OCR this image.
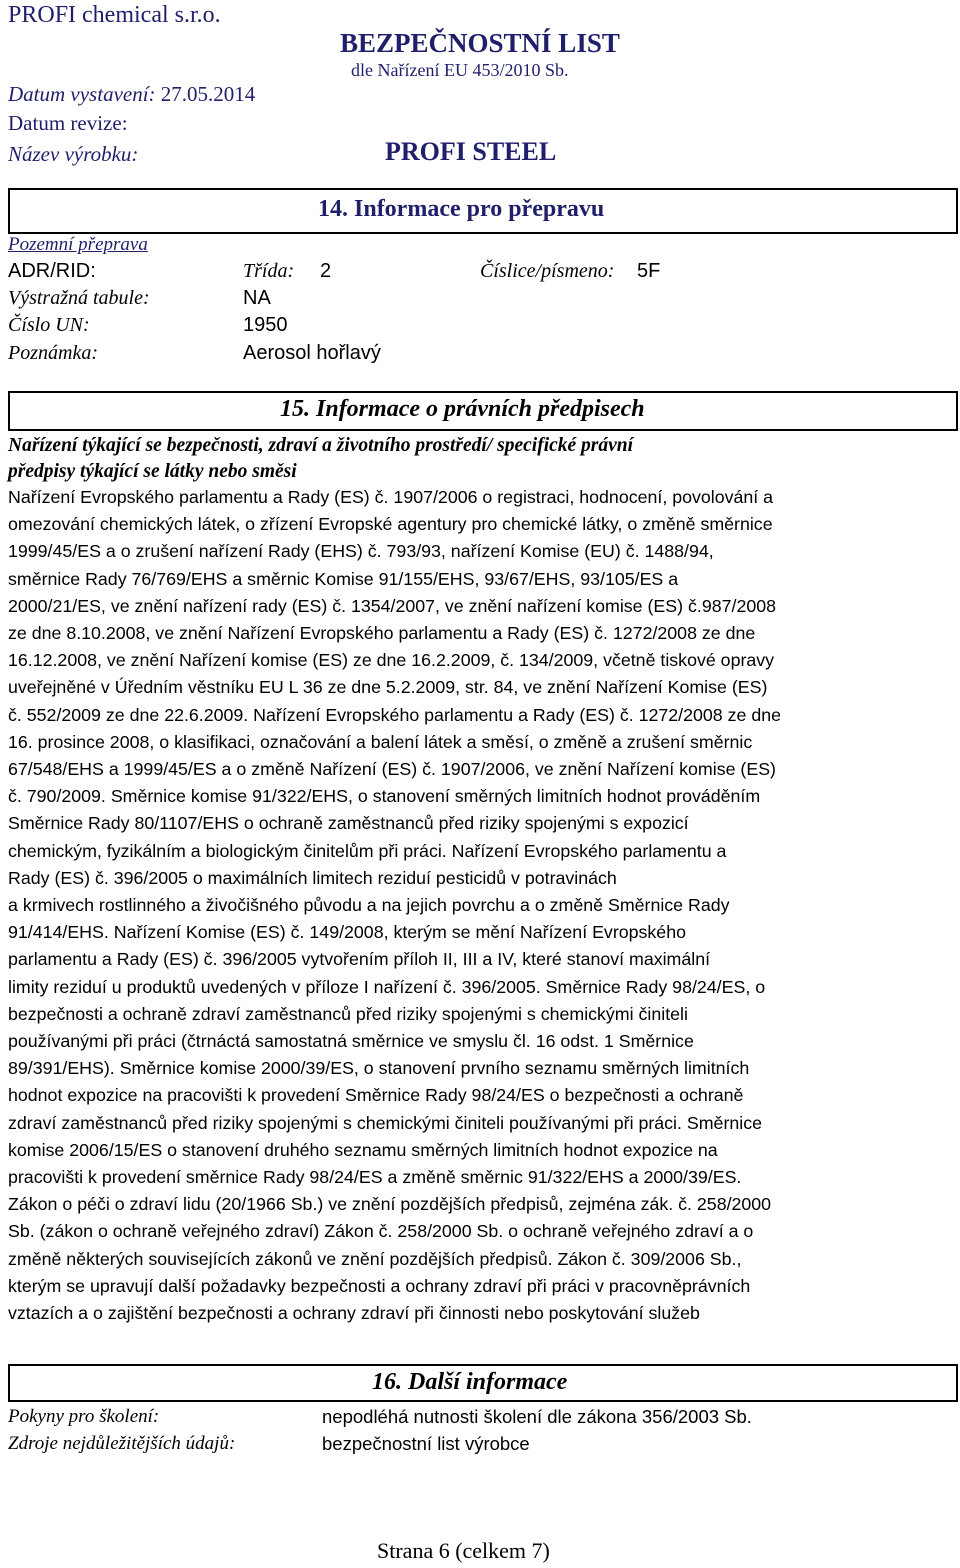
PROFI chemical s.r.o.
BEZPEČNOSTNÍ LIST
dle Nařízení EU 453/2010 Sb.
Datum vystavení: 27.05.2014
Datum revize:
Název výrobku:	PROFI STEEL
14. Informace pro přepravu
Pozemní přeprava
ADR/RID:	Třída: 2	Číslice/písmeno: 5F
Výstražná tabule:	NA
Číslo UN:	1950
Poznámka:	Aerosol hořlavý
15. Informace o právních předpisech
Nařízení týkající se bezpečnosti, zdraví a životního prostředí/ specifické právní
předpisy týkající se látky nebo směsi
Nařízení Evropského parlamentu a Rady (ES) č. 1907/2006 o registraci, hodnocení, povolování a
omezování chemických látek, o zřízení Evropské agentury pro chemické látky, o změně směrnice
1999/45/ES a o zrušení nařízení Rady (EHS) č. 793/93, nařízení Komise (EU) č. 1488/94,
směrnice Rady 76/769/EHS a směrnic Komise 91/155/EHS, 93/67/EHS, 93/105/ES a
2000/21/ES, ve znění nařízení rady (ES) č. 1354/2007, ve znění nařízení komise (ES) č.987/2008
ze dne 8.10.2008, ve znění Nařízení Evropského parlamentu a Rady (ES) č. 1272/2008 ze dne
16.12.2008, ve znění Nařízení komise (ES) ze dne 16.2.2009, č. 134/2009, včetně tiskové opravy
uveřejněné v Úředním věstníku EU L 36 ze dne 5.2.2009, str. 84, ve znění Nařízení Komise (ES)
č. 552/2009 ze dne 22.6.2009. Nařízení Evropského parlamentu a Rady (ES) č. 1272/2008 ze dne
16. prosince 2008, o klasifikaci, označování a balení látek a směsí, o změně a zrušení směrnic
67/548/EHS a 1999/45/ES a o změně Nařízení (ES) č. 1907/2006, ve znění Nařízení komise (ES)
č. 790/2009. Směrnice komise 91/322/EHS, o stanovení směrných limitních hodnot prováděním
Směrnice Rady 80/1107/EHS o ochraně zaměstnanců před riziky spojenými s expozicí
chemickým, fyzikálním a biologickým činitelům při práci. Nařízení Evropského parlamentu a
Rady (ES) č. 396/2005 o maximálních limitech reziduí pesticidů v potravinách
a krmivech rostlinného a živočišného původu a na jejich povrchu a o změně Směrnice Rady
91/414/EHS. Nařízení Komise (ES) č. 149/2008, kterým se mění Nařízení Evropského
parlamentu a Rady (ES) č. 396/2005 vytvořením příloh II, III a IV, které stanoví maximální
limity reziduí u produktů uvedených v příloze I nařízení č. 396/2005. Směrnice Rady 98/24/ES, o
bezpečnosti a ochraně zdraví zaměstnanců před riziky spojenými s chemickými činiteli
používanými při práci (čtrnáctá samostatná směrnice ve smyslu čl. 16 odst. 1 Směrnice
89/391/EHS). Směrnice komise 2000/39/ES, o stanovení prvního seznamu směrných limitních
hodnot expozice na pracovišti k provedení Směrnice Rady 98/24/ES o bezpečnosti a ochraně
zdraví zaměstnanců před riziky spojenými s chemickými činiteli používanými při práci. Směrnice
komise 2006/15/ES o stanovení druhého seznamu směrných limitních hodnot expozice na
pracovišti k provedení směrnice Rady 98/24/ES a změně směrnic 91/322/EHS a 2000/39/ES.
Zákon o péči o zdraví lidu (20/1966 Sb.) ve znění pozdějších předpisů, zejména zák. č. 258/2000
Sb. (zákon o ochraně veřejného zdraví) Zákon č. 258/2000 Sb. o ochraně veřejného zdraví a o
změně některých souvisejících zákonů ve znění pozdějších předpisů. Zákon č. 309/2006 Sb.,
kterým se upravují další požadavky bezpečnosti a ochrany zdraví při práci v pracovněprávních
vztazích a o zajištění bezpečnosti a ochrany zdraví při činnosti nebo poskytování služeb
16. Další informace
Pokyny pro školení:	nepodléhá nutnosti školení dle zákona 356/2003 Sb.
Zdroje nejdůležitějších údajů:	bezpečnostní list výrobce
Strana 6 (celkem 7)
